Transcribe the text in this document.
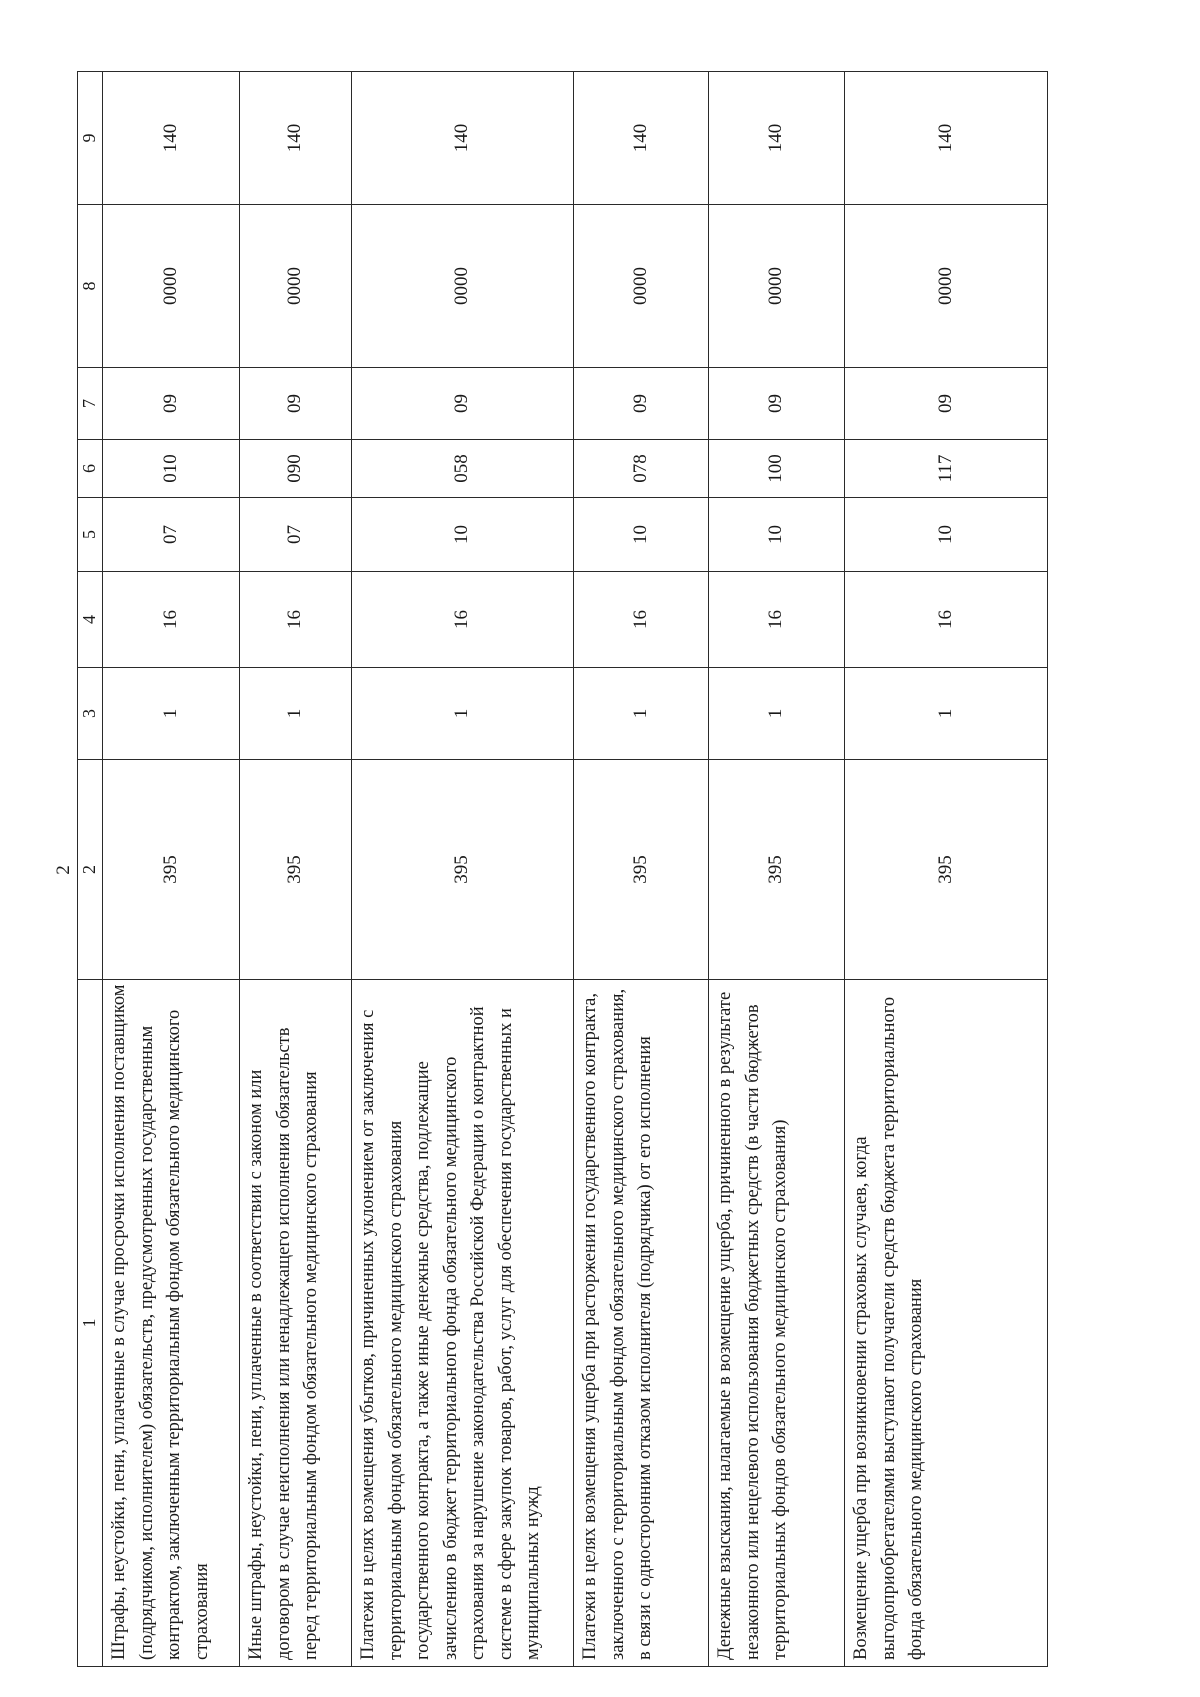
2
1	2	3	4	5	6	7	8	9
Штрафы, неустойки, пени, уплаченные в случае просрочки исполнения поставщиком (подрядчиком, исполнителем) обязательств, предусмотренных государственным контрактом, заключенным территориальным фондом обязательного медицинского страхования	395	1	16	07	010	09	0000	140
Иные штрафы, неустойки, пени, уплаченные в соответствии с законом или договором в случае неисполнения или ненадлежащего исполнения обязательств перед территориальным фондом обязательного медицинского страхования	395	1	16	07	090	09	0000	140
Платежи в целях возмещения убытков, причиненных уклонением от заключения с территориальным фондом обязательного медицинского страхования государственного контракта, а также иные денежные средства, подлежащие зачислению в бюджет территориального фонда обязательного медицинского страхования за нарушение законодательства Российской Федерации о контрактной системе в сфере закупок товаров, работ, услуг для обеспечения государственных и муниципальных нужд	395	1	16	10	058	09	0000	140
Платежи в целях возмещения ущерба при расторжении государственного контракта, заключенного с территориальным фондом обязательного медицинского страхования, в связи с односторонним отказом исполнителя (подрядчика) от его исполнения	395	1	16	10	078	09	0000	140
Денежные взыскания, налагаемые в возмещение ущерба, причиненного в результате незаконного или нецелевого использования бюджетных средств (в части бюджетов территориальных фондов обязательного медицинского страхования)	395	1	16	10	100	09	0000	140
Возмещение ущерба при возникновении страховых случаев, когда выгодоприобретателями выступают получатели средств бюджета территориального фонда обязательного медицинского страхования	395	1	16	10	117	09	0000	140
